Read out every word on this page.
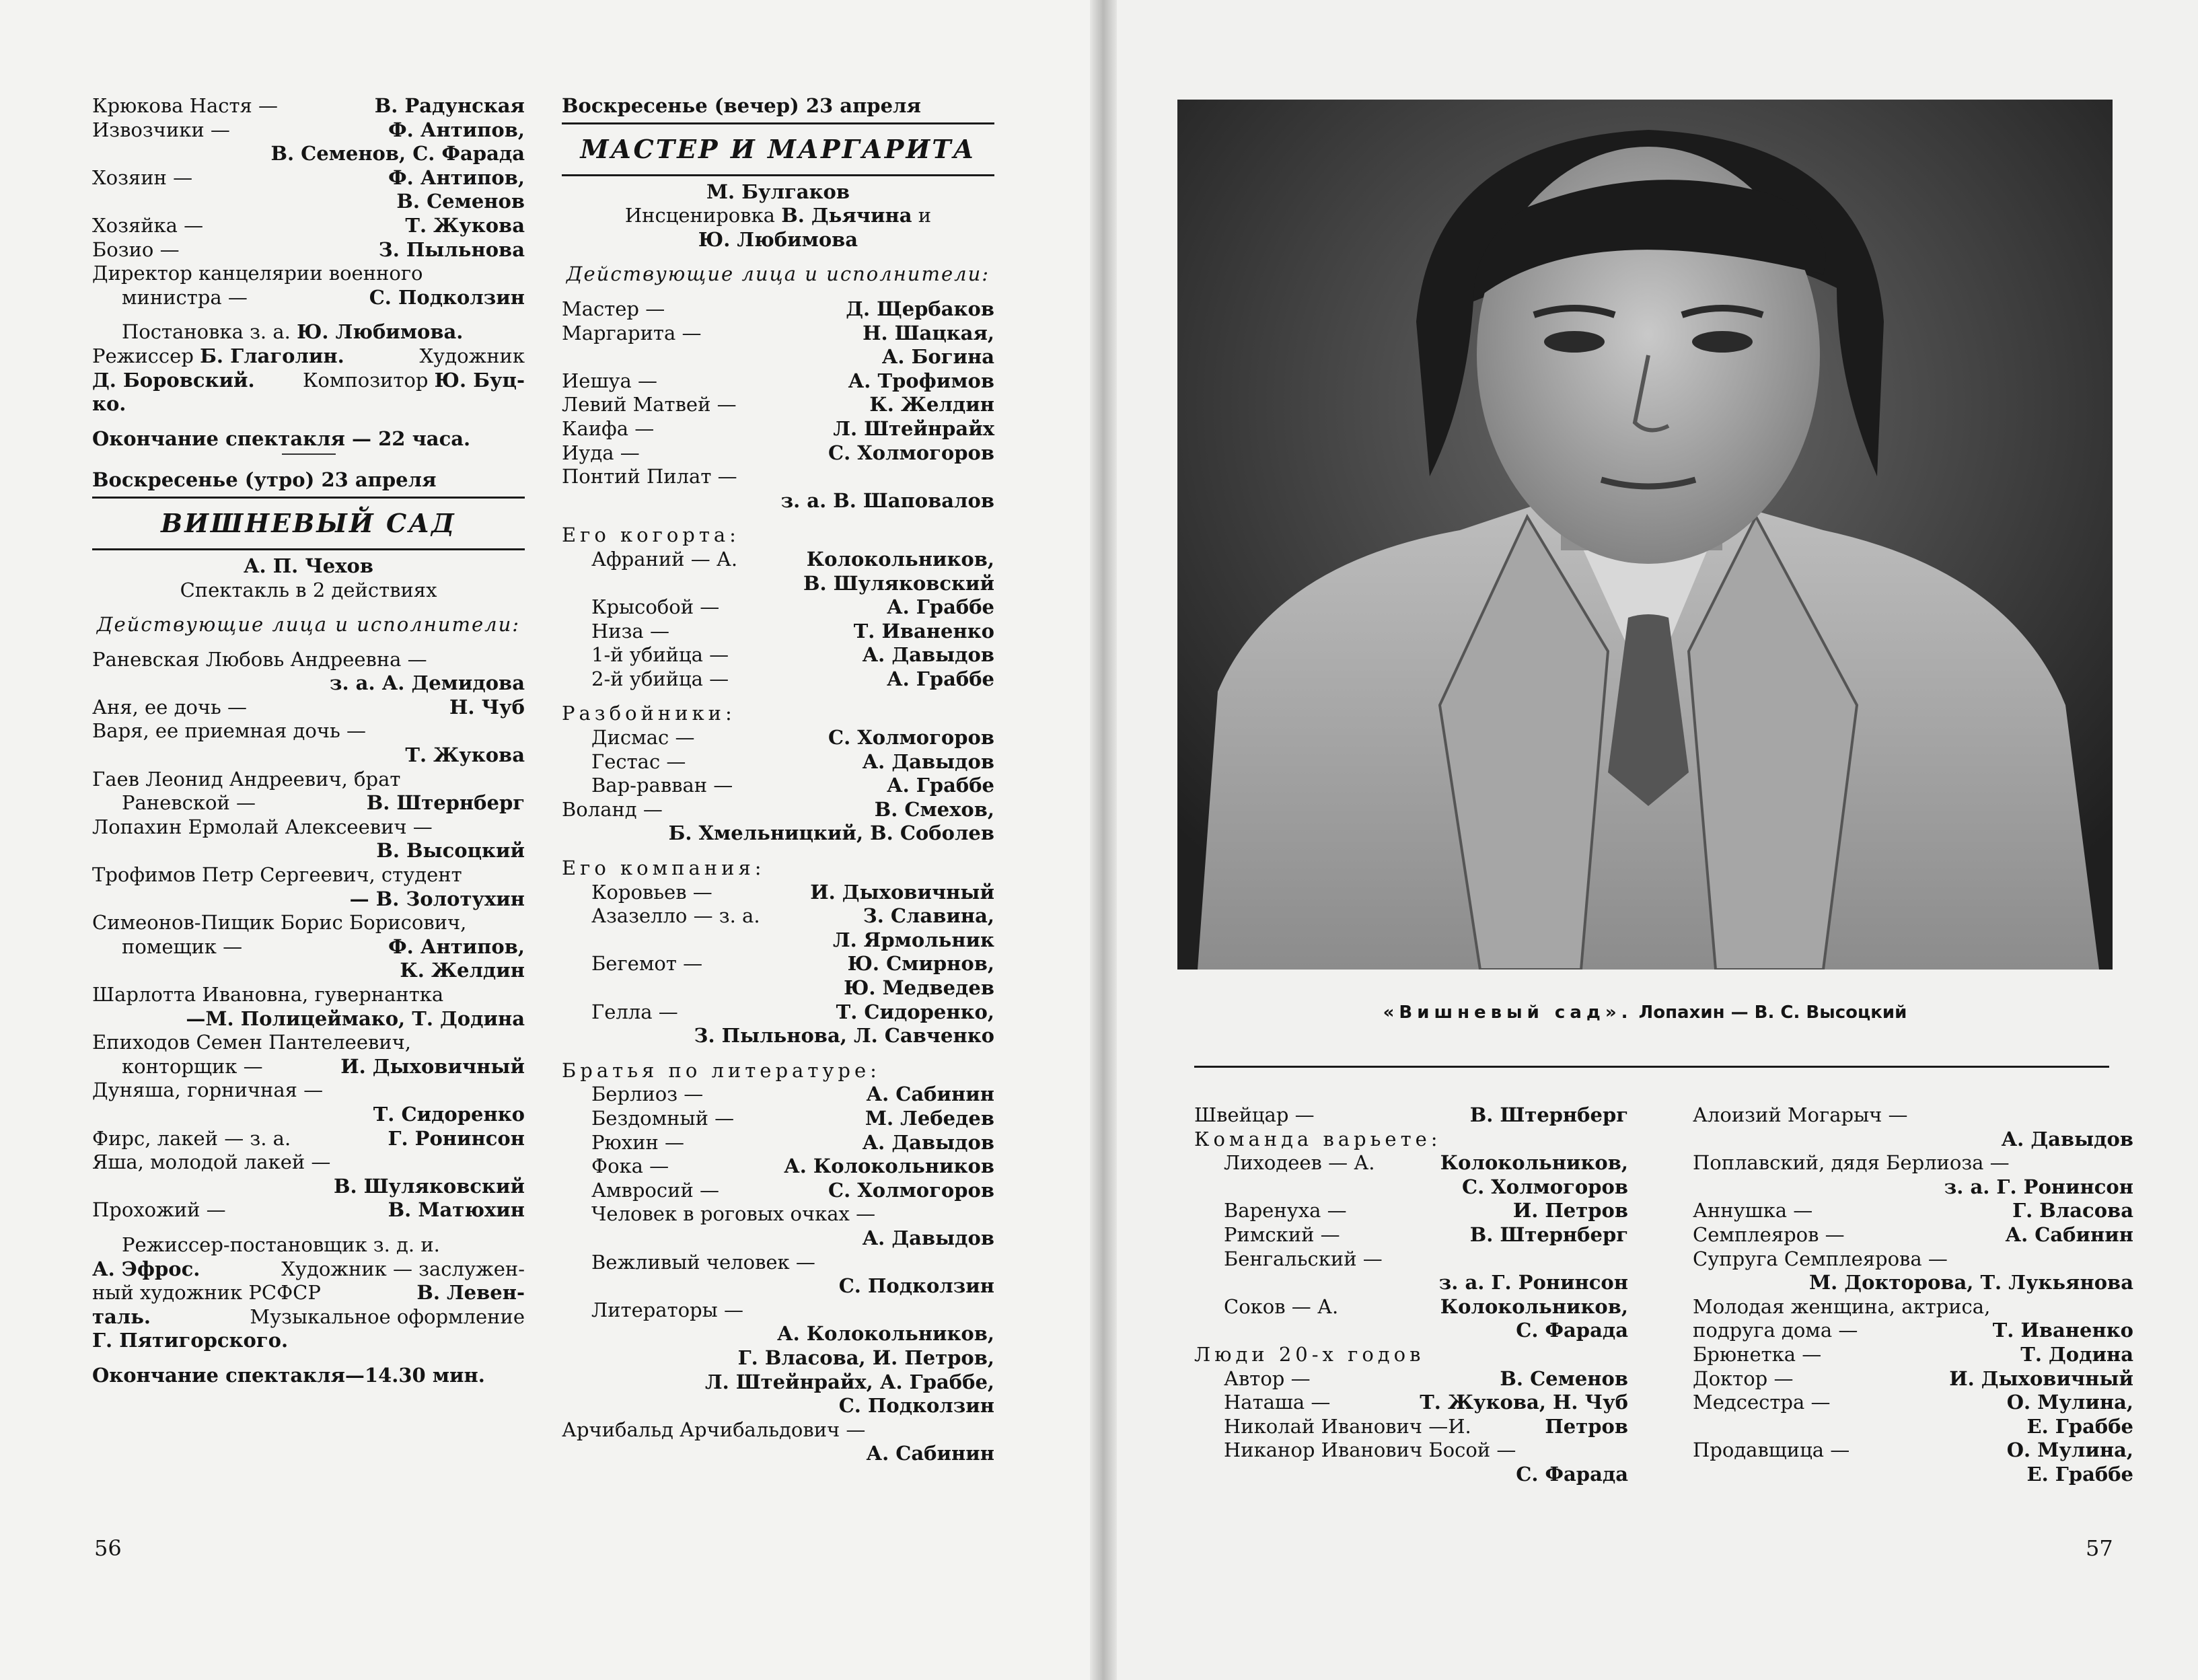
Крюкова Настя —	В. Радунская
Извозчики —	Ф. Антипов,
В. Семенов, С. Фарада
Хозяин —	Ф. Антипов,
В. Семенов
Хозяйка —	Т. Жукова
Бозио —	З. Пыльнова
Директор канцелярии военного
министра —	С. Подколзин
Постановка з. а. Ю. Любимова.
Режиссер Б. Глаголин.	Художник
Д. Боровский. Композитор Ю. Буц-
ко.
Окончание спектакля — 22 часа.
Воскресенье (утро) 23 апреля
ВИШНЕВЫЙ САД
А. П. Чехов
Спектакль в 2 действиях
Действующие лица и исполнители:
Раневская Любовь Андреевна —
з. а. А. Демидова
Аня, ее дочь —	Н. Чуб
Варя, ее приемная дочь —
Т. Жукова
Гаев Леонид Андреевич, брат
Раневской —	В. Штернберг
Лопахин Ермолай Алексеевич —
В. Высоцкий
Трофимов Петр Сергеевич, студент
— В. Золотухин
Симеонов-Пищик Борис Борисович,
помещик —	Ф. Антипов,
К. Желдин
Шарлотта Ивановна, гувернантка
—М. Полицеймако, Т. Додина
Епиходов Семен Пантелеевич,
конторщик —	И. Дыховичный
Дуняша, горничная —
Т. Сидоренко
Фирс, лакей — з. а.	Г. Ронинсон
Яша, молодой лакей —
В. Шуляковский
Прохожий —	В. Матюхин
Режиссер-постановщик з. д. и.
А. Эфрос.	Художник — заслужен-
ный художник РСФСР	В. Левен-
таль.	Музыкальное оформление
Г. Пятигорского.
Окончание спектакля—14.30 мин.
Воскресенье (вечер) 23 апреля
МАСТЕР И МАРГАРИТА
М. Булгаков
Инсценировка В. Дьячина и
Ю. Любимова
Действующие лица и исполнители:
Мастер —	Д. Щербаков
Маргарита —	Н. Шацкая,
А. Богина
Иешуа —	А. Трофимов
Левий Матвей —	К. Желдин
Каифа —	Л. Штейнрайх
Иуда —	С. Холмогоров
Понтий Пилат —
з. а. В. Шаповалов
Его когорта:
Афраний — А.	Колокольников,
В. Шуляковский
Крысобой —	А. Граббе
Низа —	Т. Иваненко
1-й убийца —	А. Давыдов
2-й убийца —	А. Граббе
Разбойники:
Дисмас —	С. Холмогоров
Гестас —	А. Давыдов
Вар-равван —	А. Граббе
Воланд —	В. Смехов,
Б. Хмельницкий, В. Соболев
Его компания:
Коровьев —	И. Дыховичный
Азазелло — з. а.	З. Славина,
Л. Ярмольник
Бегемот —	Ю. Смирнов,
Ю. Медведев
Гелла —	Т. Сидоренко,
З. Пыльнова, Л. Савченко
Братья по литературе:
Берлиоз —	А. Сабинин
Бездомный —	М. Лебедев
Рюхин —	А. Давыдов
Фока —	А. Колокольников
Амвросий —	С. Холмогоров
Человек в роговых очках —
А. Давыдов
Вежливый человек —
С. Подколзин
Литераторы —
А. Колокольников,
Г. Власова, И. Петров,
Л. Штейнрайх, А. Граббе,
С. Подколзин
Арчибальд Арчибальдович —
А. Сабинин
56
«Вишневый сад». Лопахин — В. С. Высоцкий
Швейцар —	В. Штернберг
Команда варьете:
Лиходеев — А.	Колокольников,
С. Холмогоров
Варенуха —	И. Петров
Римский —	В. Штернберг
Бенгальский —
з. а. Г. Ронинсон
Соков — А.	Колокольников,
С. Фарада
Люди 20-х годов
Автор —	В. Семенов
Наташа —	Т. Жукова, Н. Чуб
Николай Иванович —И.	Петров
Никанор Иванович Босой —
С. Фарада
Алоизий Могарыч —
А. Давыдов
Поплавский, дядя Берлиоза —
з. а. Г. Ронинсон
Аннушка —	Г. Власова
Семплеяров —	А. Сабинин
Супруга Семплеярова —
М. Докторова, Т. Лукьянова
Молодая женщина, актриса,
подруга дома —	Т. Иваненко
Брюнетка —	Т. Додина
Доктор —	И. Дыховичный
Медсестра —	О. Мулина,
Е. Граббе
Продавщица —	О. Мулина,
Е. Граббе
57
